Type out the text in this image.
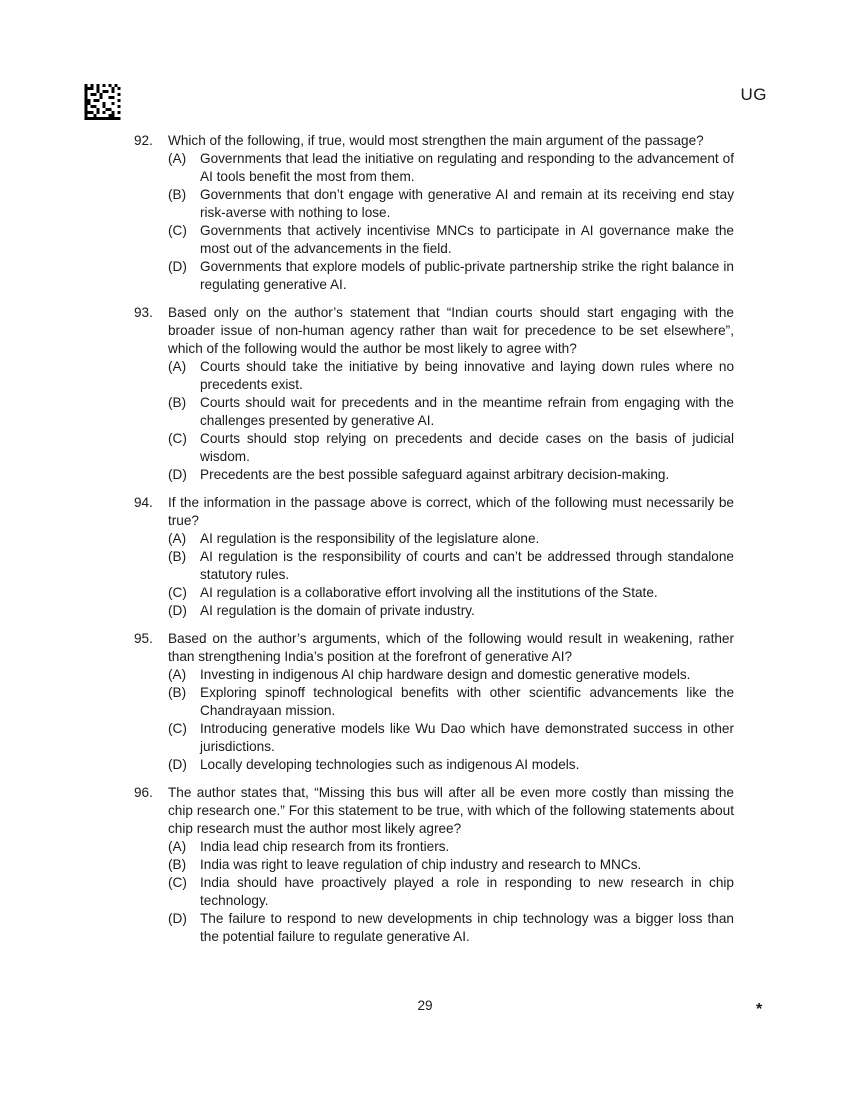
UG
92.	Which of the following, if true, would most strengthen the main argument of the passage?
(A)	Governments that lead the initiative on regulating and responding to the advancement of AI tools benefit the most from them.
(B)	Governments that don’t engage with generative AI and remain at its receiving end stay risk-averse with nothing to lose.
(C) Governments that actively incentivise MNCs to participate in AI governance make the most out of the advancements in the field.
(D) Governments that explore models of public-private partnership strike the right balance in regulating generative AI.
93.	Based only on the author’s statement that “Indian courts should start engaging with the broader issue of non-human agency rather than wait for precedence to be set elsewhere”, which of the following would the author be most likely to agree with?
(A)	Courts should take the initiative by being innovative and laying down rules where no precedents exist.
(B)	Courts should wait for precedents and in the meantime refrain from engaging with the challenges presented by generative AI.
(C) Courts should stop relying on precedents and decide cases on the basis of judicial wisdom.
(D) Precedents are the best possible safeguard against arbitrary decision-making.
94.	If the information in the passage above is correct, which of the following must necessarily be true?
(A)	AI regulation is the responsibility of the legislature alone.
(B)	AI regulation is the responsibility of courts and can’t be addressed through standalone statutory rules.
(C) AI regulation is a collaborative effort involving all the institutions of the State.
(D) AI regulation is the domain of private industry.
95.	Based on the author’s arguments, which of the following would result in weakening, rather than strengthening India’s position at the forefront of generative AI?
(A)	Investing in indigenous AI chip hardware design and domestic generative models.
(B)	Exploring spinoff technological benefits with other scientific advancements like the Chandrayaan mission.
(C) Introducing generative models like Wu Dao which have demonstrated success in other jurisdictions.
(D) Locally developing technologies such as indigenous AI models.
96.	The author states that, “Missing this bus will after all be even more costly than missing the chip research one.” For this statement to be true, with which of the following statements about chip research must the author most likely agree?
(A)	India lead chip research from its frontiers.
(B)	India was right to leave regulation of chip industry and research to MNCs.
(C) India should have proactively played a role in responding to new research in chip technology.
(D) The failure to respond to new developments in chip technology was a bigger loss than the potential failure to regulate generative AI.
29	*
